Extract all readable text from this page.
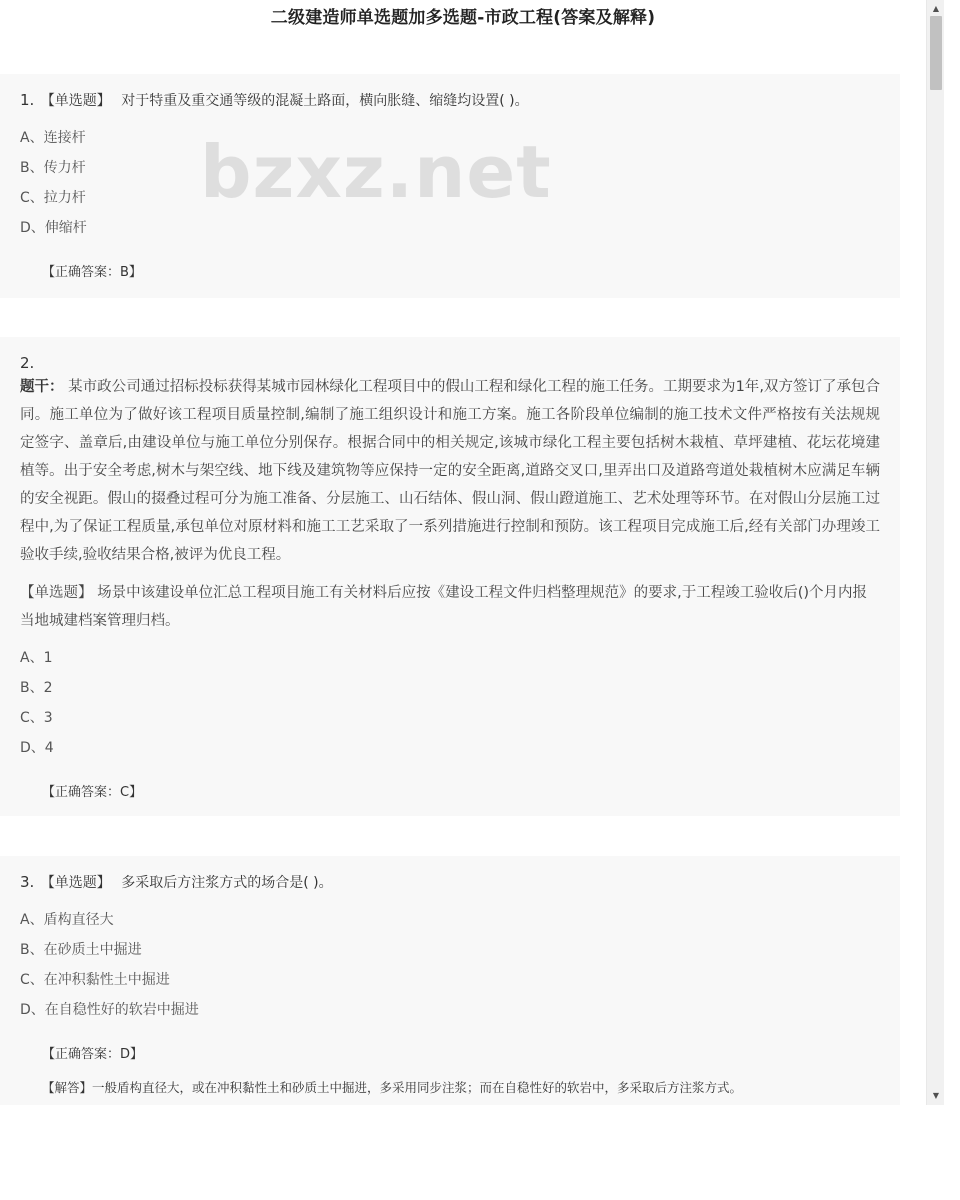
二级建造师单选题加多选题-市政工程(答案及解释)
1. 【单选题】 对于特重及重交通等级的混凝土路面，横向胀缝、缩缝均设置( )。
A、连接杆
B、传力杆
C、拉力杆
D、伸缩杆
【正确答案：B】
2.
题干： 某市政公司通过招标投标获得某城市园林绿化工程项目中的假山工程和绿化工程的施工任务。工期要求为1年,双方签订了承包合同。施工单位为了做好该工程项目质量控制,编制了施工组织设计和施工方案。施工各阶段单位编制的施工技术文件严格按有关法规规定签字、盖章后,由建设单位与施工单位分别保存。根据合同中的相关规定,该城市绿化工程主要包括树木栽植、草坪建植、花坛花境建植等。出于安全考虑,树木与架空线、地下线及建筑物等应保持一定的安全距离,道路交叉口,里弄出口及道路弯道处栽植树木应满足车辆的安全视距。假山的掇叠过程可分为施工准备、分层施工、山石结体、假山洞、假山蹬道施工、艺术处理等环节。在对假山分层施工过程中,为了保证工程质量,承包单位对原材料和施工工艺采取了一系列措施进行控制和预防。该工程项目完成施工后,经有关部门办理竣工验收手续,验收结果合格,被评为优良工程。
【单选题】 场景中该建设单位汇总工程项目施工有关材料后应按《建设工程文件归档整理规范》的要求,于工程竣工验收后()个月内报当地城建档案管理归档。
A、1
B、2
C、3
D、4
【正确答案：C】
3. 【单选题】 多采取后方注浆方式的场合是( )。
A、盾构直径大
B、在砂质土中掘进
C、在冲积黏性土中掘进
D、在自稳性好的软岩中掘进
【正确答案：D】
【解答】一般盾构直径大，或在冲积黏性土和砂质土中掘进，多采用同步注浆；而在自稳性好的软岩中，多采取后方注浆方式。
bzxz.net
▲
▼
